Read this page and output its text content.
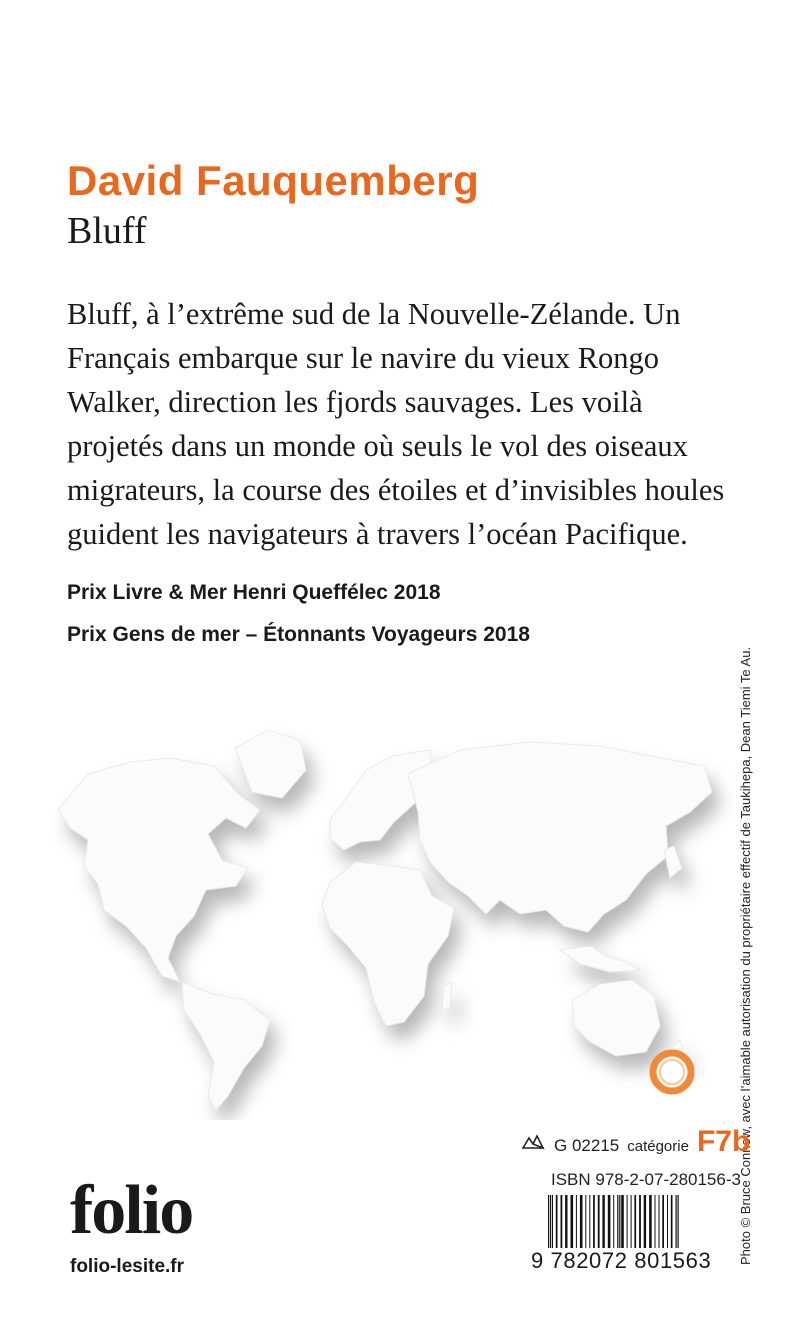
David Fauquemberg
Bluff

Bluff, à l’extrême sud de la Nouvelle-Zélande. Un Français embarque sur le navire du vieux Rongo Walker, direction les fjords sauvages. Les voilà projetés dans un monde où seuls le vol des oiseaux migrateurs, la course des étoiles et d’invisibles houles guident les navigateurs à travers l’océan Pacifique.

Prix Livre & Mer Henri Queffélec 2018

Prix Gens de mer – Étonnants Voyageurs 2018

Photo © Bruce Connew, avec l’aimable autorisation du propriétaire effectif de Taukihepa, Dean Tiemi Te Au.
G 02215 catégorie F7b
ISBN 978-2-07-280156-3
folio
folio-lesite.fr	9 782072 801563
